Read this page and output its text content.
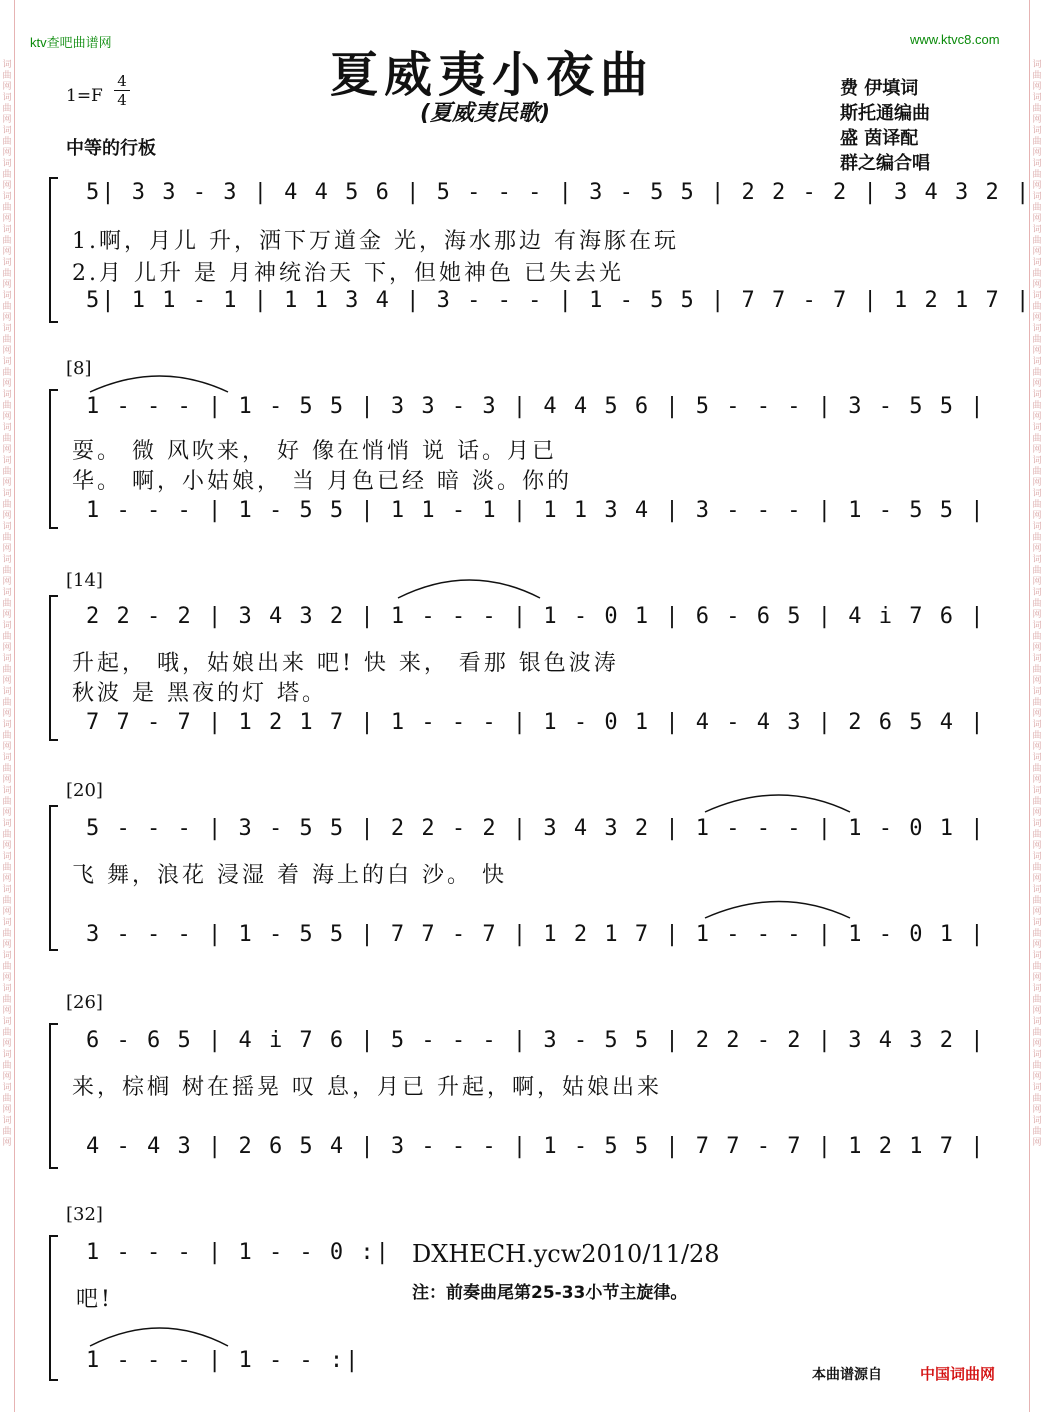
词曲网词曲网词曲网词曲网词曲网词曲网词曲网词曲网词曲网词曲网词曲网词曲网词曲网词曲网词曲网词曲网词曲网词曲网词曲网词曲网词曲网词曲网词曲网词曲网词曲网词曲网词曲网词曲网词曲网词曲网词曲网词曲网词曲网
词曲网词曲网词曲网词曲网词曲网词曲网词曲网词曲网词曲网词曲网词曲网词曲网词曲网词曲网词曲网词曲网词曲网词曲网词曲网词曲网词曲网词曲网词曲网词曲网词曲网词曲网词曲网词曲网词曲网词曲网词曲网词曲网词曲网
ktv查吧曲谱网	www.ktvc8.com
夏威夷小夜曲
(夏威夷民歌)
1=F
4
4
中等的行板
费 伊填词
斯托通编曲
盛 茵译配
群之编合唱
5| 3 3 - 3 | 4 4 5 6 | 5 - - - | 3 - 5 5 | 2 2 - 2 | 3 4 3 2 |
1.啊，月儿 升，洒下万道金 光，海水那边 有海豚在玩
2.月 儿升 是 月神统治天 下，但她神色 已失去光
5| 1 1 - 1 | 1 1 3 4 | 3 - - - | 1 - 5 5 | 7 7 - 7 | 1 2 1 7 |
[8]
1 - - - | 1 - 5 5 | 3 3 - 3 | 4 4 5 6 | 5 - - - | 3 - 5 5 |
耍。 微 风吹来， 好 像在悄悄 说 话。月已
华。 啊，小姑娘， 当 月色已经 暗 淡。你的
1 - - - | 1 - 5 5 | 1 1 - 1 | 1 1 3 4 | 3 - - - | 1 - 5 5 |
[14]
2 2 - 2 | 3 4 3 2 | 1 - - - | 1 - 0 1 | 6 - 6 5 | 4 i 7 6 |
升起， 哦，姑娘出来 吧! 快 来， 看那 银色波涛
秋波 是 黑夜的灯 塔。
7 7 - 7 | 1 2 1 7 | 1 - - - | 1 - 0 1 | 4 - 4 3 | 2 6 5 4 |
[20]
5 - - - | 3 - 5 5 | 2 2 - 2 | 3 4 3 2 | 1 - - - | 1 - 0 1 |
飞 舞，浪花 浸湿 着 海上的白 沙。 快
3 - - - | 1 - 5 5 | 7 7 - 7 | 1 2 1 7 | 1 - - - | 1 - 0 1 |
[26]
6 - 6 5 | 4 i 7 6 | 5 - - - | 3 - 5 5 | 2 2 - 2 | 3 4 3 2 |
来，棕榈 树在摇晃 叹 息，月已 升起，啊，姑娘出来
4 - 4 3 | 2 6 5 4 | 3 - - - | 1 - 5 5 | 7 7 - 7 | 1 2 1 7 |
[32]
1 - - - | 1 - - 0 :|
吧!
1 - - - | 1 - - :|
DXHECH.ycw2010/11/28
注：前奏曲尾第25-33小节主旋律。
本曲谱源自	中国词曲网
